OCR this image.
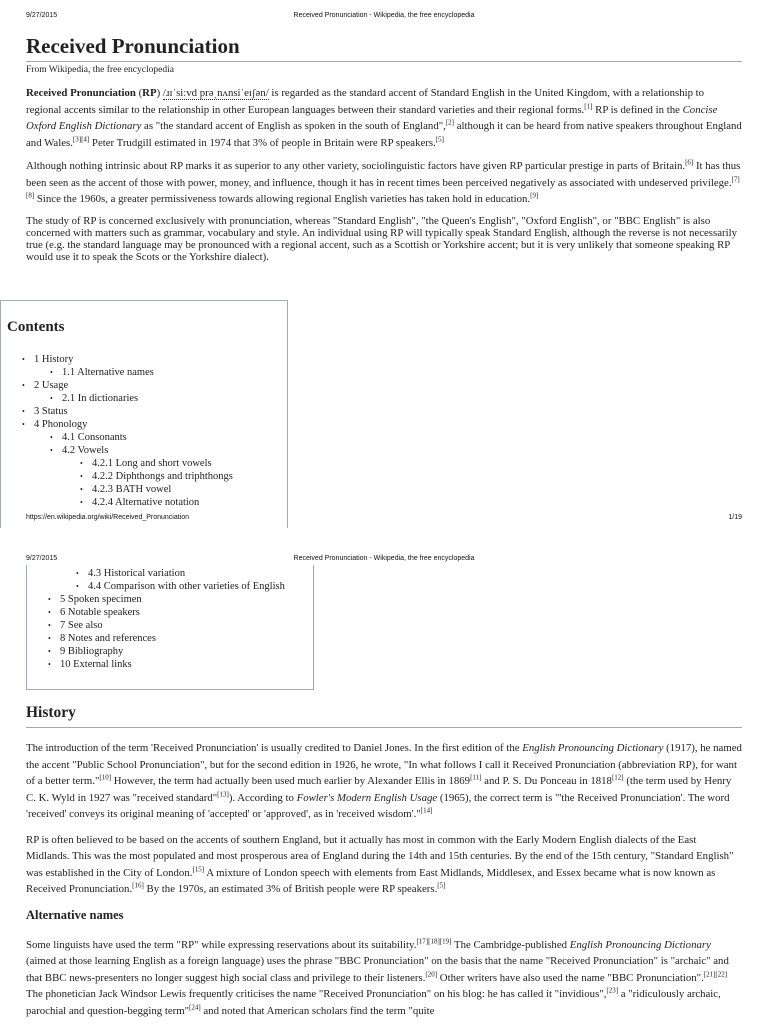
9/27/2015	Received Pronunciation - Wikipedia, the free encyclopedia
Received Pronunciation
From Wikipedia, the free encyclopedia

Received Pronunciation (RP) /ɹɪˈsiːvd prəˌnʌnsiˈeɪʃən/ is regarded as the standard accent of Standard English in the United Kingdom, with a relationship to regional accents similar to the relationship in other European languages between their standard varieties and their regional forms.[1] RP is defined in the Concise Oxford English Dictionary as "the standard accent of English as spoken in the south of England",[2] although it can be heard from native speakers throughout England and Wales.[3][4] Peter Trudgill estimated in 1974 that 3% of people in Britain were RP speakers.[5]

Although nothing intrinsic about RP marks it as superior to any other variety, sociolinguistic factors have given RP particular prestige in parts of Britain.[6] It has thus been seen as the accent of those with power, money, and influence, though it has in recent times been perceived negatively as associated with undeserved privilege.[7][8] Since the 1960s, a greater permissiveness towards allowing regional English varieties has taken hold in education.[9]

The study of RP is concerned exclusively with pronunciation, whereas "Standard English", "the Queen's English", "Oxford English", or "BBC English" is also concerned with matters such as grammar, vocabulary and style. An individual using RP will typically speak Standard English, although the reverse is not necessarily true (e.g. the standard language may be pronounced with a regional accent, such as a Scottish or Yorkshire accent; but it is very unlikely that someone speaking RP would use it to speak the Scots or the Yorkshire dialect).

Contents
1 History
•
1.1 Alternative names
•
2 Usage
•
2.1 In dictionaries
•
3 Status
•
4 Phonology
•
4.1 Consonants
•
4.2 Vowels
•
4.2.1 Long and short vowels
•
4.2.2 Diphthongs and triphthongs
•
4.2.3 BATH vowel
•
4.2.4 Alternative notation
•
https://en.wikipedia.org/wiki/Received_Pronunciation	1/19
9/27/2015	Received Pronunciation - Wikipedia, the free encyclopedia
4.3 Historical variation
•
4.4 Comparison with other varieties of English
•
5 Spoken specimen
•
6 Notable speakers
•
7 See also
•
8 Notes and references
•
9 Bibliography
•
10 External links
•
History

The introduction of the term 'Received Pronunciation' is usually credited to Daniel Jones. In the first edition of the English Pronouncing Dictionary (1917), he named the accent "Public School Pronunciation", but for the second edition in 1926, he wrote, "In what follows I call it Received Pronunciation (abbreviation RP), for want of a better term."[10] However, the term had actually been used much earlier by Alexander Ellis in 1869[11] and P. S. Du Ponceau in 1818[12] (the term used by Henry C. K. Wyld in 1927 was "received standard"[13]). According to Fowler's Modern English Usage (1965), the correct term is "'the Received Pronunciation'. The word 'received' conveys its original meaning of 'accepted' or 'approved', as in 'received wisdom'."[14]

RP is often believed to be based on the accents of southern England, but it actually has most in common with the Early Modern English dialects of the East Midlands. This was the most populated and most prosperous area of England during the 14th and 15th centuries. By the end of the 15th century, "Standard English" was established in the City of London.[15] A mixture of London speech with elements from East Midlands, Middlesex, and Essex became what is now known as Received Pronunciation.[16] By the 1970s, an estimated 3% of British people were RP speakers.[5]

Alternative names

Some linguists have used the term "RP" while expressing reservations about its suitability.[17][18][19] The Cambridge-published English Pronouncing Dictionary (aimed at those learning English as a foreign language) uses the phrase "BBC Pronunciation" on the basis that the name "Received Pronunciation" is "archaic" and that BBC news-presenters no longer suggest high social class and privilege to their listeners.[20] Other writers have also used the name "BBC Pronunciation".[21][22] The phonetician Jack Windsor Lewis frequently criticises the name "Received Pronunciation" on his blog: he has called it "invidious",[23] a "ridiculously archaic, parochial and question-begging term"[24] and noted that American scholars find the term "quite
